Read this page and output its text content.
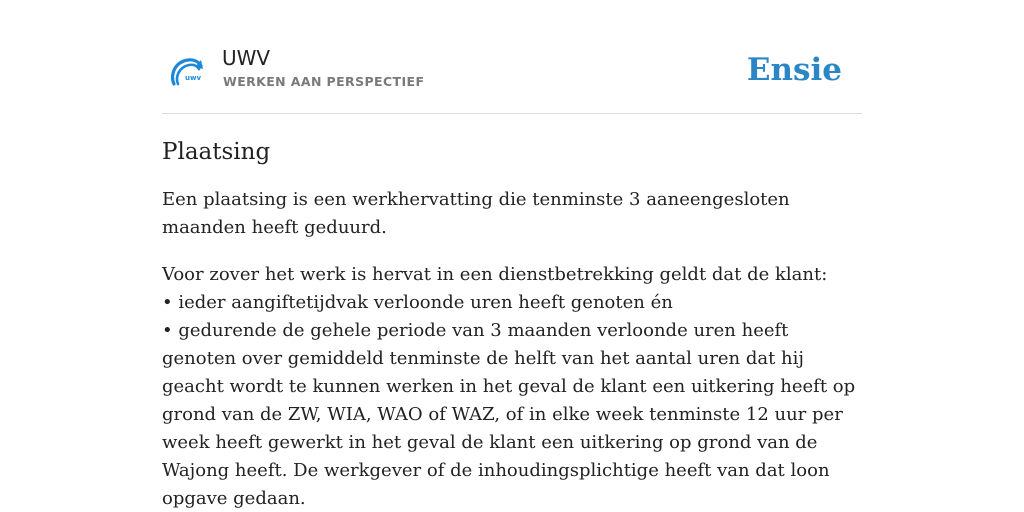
uwv
UWV
WERKEN AAN PERSPECTIEF	Ensie
Plaatsing

Een plaatsing is een werkhervatting die tenminste 3 aaneengesloten maanden heeft geduurd.

Voor zover het werk is hervat in een dienstbetrekking geldt dat de klant:
• ieder aangiftetijdvak verloonde uren heeft genoten én
• gedurende de gehele periode van 3 maanden verloonde uren heeft genoten over gemiddeld tenminste de helft van het aantal uren dat hij geacht wordt te kunnen werken in het geval de klant een uitkering heeft op grond van de ZW, WIA, WAO of WAZ, of in elke week tenminste 12 uur per week heeft gewerkt in het geval de klant een uitkering op grond van de Wajong heeft. De werkgever of de inhoudingsplichtige heeft van dat loon opgave gedaan.
